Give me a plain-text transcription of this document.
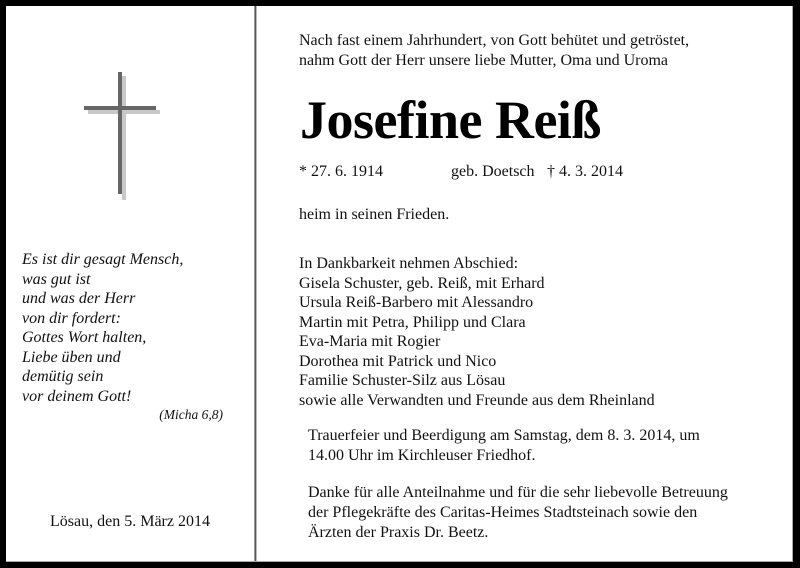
Es ist dir gesagt Mensch,
was gut ist
und was der Herr
von dir fordert:
Gottes Wort halten,
Liebe üben und
demütig sein
vor deinem Gott!
(Micha 6,8)
Lösau, den 5. März 2014
Nach fast einem Jahrhundert, von Gott behütet und getröstet,
nahm Gott der Herr unsere liebe Mutter, Oma und Uroma
Josefine Reiß
* 27. 6. 1914	geb. Doetsch † 4. 3. 2014
heim in seinen Frieden.
In Dankbarkeit nehmen Abschied:
Gisela Schuster, geb. Reiß, mit Erhard
Ursula Reiß-Barbero mit Alessandro
Martin mit Petra, Philipp und Clara
Eva-Maria mit Rogier
Dorothea mit Patrick und Nico
Familie Schuster-Silz aus Lösau
sowie alle Verwandten und Freunde aus dem Rheinland
Trauerfeier und Beerdigung am Samstag, dem 8. 3. 2014, um
14.00 Uhr im Kirchleuser Friedhof.
Danke für alle Anteilnahme und für die sehr liebevolle Betreuung
der Pflegekräfte des Caritas-Heimes Stadtsteinach sowie den
Ärzten der Praxis Dr. Beetz.
